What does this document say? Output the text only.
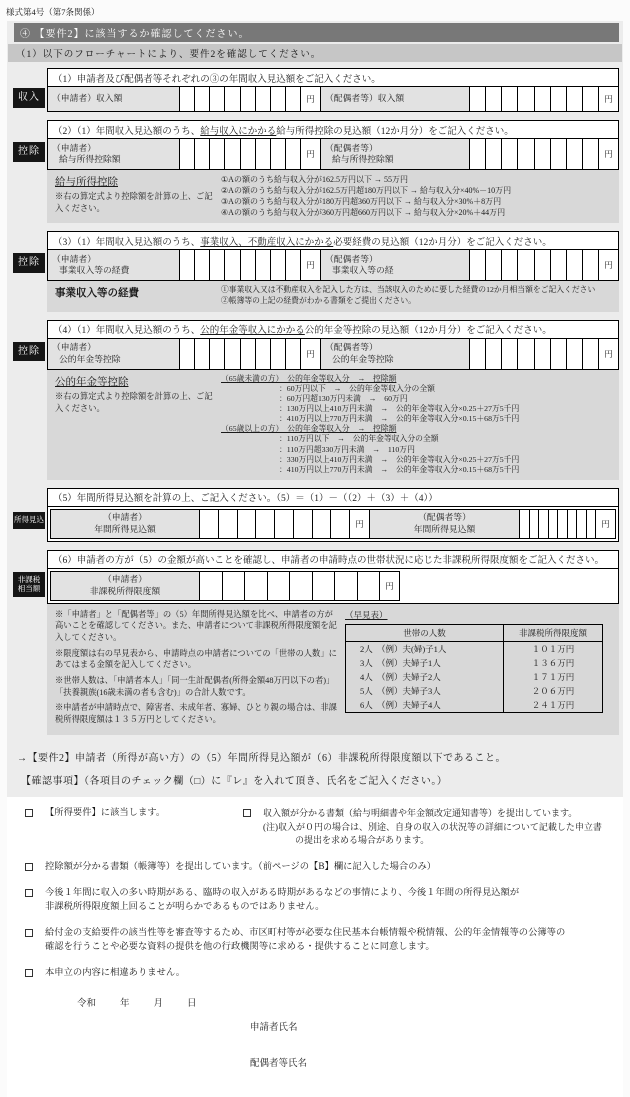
様式第4号（第7条関係）
④ 【要件2】に該当するか確認してください。
（1）以下のフローチャートにより、要件2を確認してください。
収入
（1）申請者及び配偶者等それぞれの③の年間収入見込額をご記入ください。
（申請者）収入額	円	（配偶者等）収入額	円
控除
（2）（1）年間収入見込額のうち、給与収入にかかる給与所得控除の見込額（12か月分）をご記入ください。
（申請者）
給与所得控除額	円
（配偶者等）
給与所得控除額	円
給与所得控除
※右の算定式より控除額を計算の上、ご記入ください。
①Aの額のうち給与収入分が162.5万円以下 → 55万円
②Aの額のうち給与収入分が162.5万円超180万円以下 → 給与収入分×40%－10万円
③Aの額のうち給与収入分が180万円超360万円以下 → 給与収入分×30%＋8万円
④Aの額のうち給与収入分が360万円超660万円以下 → 給与収入分×20%＋44万円
控除
（3）（1）年間収入見込額のうち、事業収入、不動産収入にかかる必要経費の見込額（12か月分）をご記入ください。
（申請者）
事業収入等の経費	円
（配偶者等）
事業収入等の経	円
事業収入等の経費	①事業収入又は不動産収入を記入した方は、当該収入のために要した経費の12か月相当額をご記入ください
②帳簿等の上記の経費がわかる書類をご提出ください。
控除
（4）（1）年間収入見込額のうち、公的年金等収入にかかる公的年金等控除の見込額（12か月分）をご記入ください。
（申請者）
公的年金等控除	円
（配偶者等）
公的年金等控除	円
公的年金等控除
※右の算定式より控除額を計算の上、ご記入ください。
（65歳未満の方）　公的年金等収入分　→　控除額
：60万円以下　→　公的年金等収入分の全額
：60万円超130万円未満　→　60万円
：130万円以上410万円未満　→　公的年金等収入分×0.25＋27万5千円
：410万円以上770万円未満　→　公的年金等収入分×0.15＋68万5千円
（65歳以上の方）　公的年金等収入分　→　控除額
：110万円以下　→　公的年金等収入分の全額
：110万円超330万円未満　→　110万円
：330万円以上410万円未満　→　公的年金等収入分×0.25＋27万5千円
：410万円以上770万円未満　→　公的年金等収入分×0.15＋68万5千円
所得見込
（5）年間所得見込額を計算の上、ご記入ください。（5）＝（1）－（（2）＋（3）＋（4））
（申請者）
年間所得見込額	円
（配偶者等）
年間所得見込額	円
非課税
相当額
（6）申請者の方が（5）の金額が高いことを確認し、申請者の申請時点の世帯状況に応じた非課税所得限度額をご記入ください。
（申請者）
非課税所得限度額	円

※「申請者」と「配偶者等」の（5）年間所得見込額を比べ、申請者の方が高いことを確認してください。また、申請者について非課税所得限度額を記入してください。

※限度額は右の早見表から、申請時点の申請者についての「世帯の人数」にあてはまる金額を記入してください。

※世帯人数は、「申請者本人」「同一生計配偶者(所得金額48万円以下の者)」「扶養親族(16歳未満の者も含む)」の合計人数です。

※申請者が申請時点で、障害者、未成年者、寡婦、ひとり親の場合は、非課税所得限度額は１３５万円としてください。

（早見表）
世帯の人数	非課税所得限度額
2人　（例）夫(婦)子1人	１０１万円
3人　（例）夫婦子1人	１３６万円
4人　（例）夫婦子2人	１７１万円
5人　（例）夫婦子3人	２０６万円
6人　（例）夫婦子4人	２４１万円
→【要件2】申請者（所得が高い方）の（5）年間所得見込額が（6）非課税所得限度額以下であること。
【確認事項】（各項目のチェック欄（□）に『レ』を入れて頂き、氏名をご記入ください。）
【所得要件】に該当します。	収入額が分かる書類（給与明細書や年金額改定通知書等）を提出しています。
(注)収入が０円の場合は、別途、自身の収入の状況等の詳細について記載した申立書
の提出を求める場合があります。
控除額が分かる書類（帳簿等）を提出しています。（前ページの【B】欄に記入した場合のみ）
今後１年間に収入の多い時期がある、臨時の収入がある時期があるなどの事情により、今後１年間の所得見込額が
非課税所得限度額上回ることが明らかであるものではありません。
給付金の支給要件の該当性等を審査等するため、市区町村等が必要な住民基本台帳情報や税情報、公的年金情報等の公簿等の
確認を行うことや必要な資料の提供を他の行政機関等に求める・提供することに同意します。
本申立の内容に相違ありません。
令和	年	月	日
申請者氏名
配偶者等氏名
